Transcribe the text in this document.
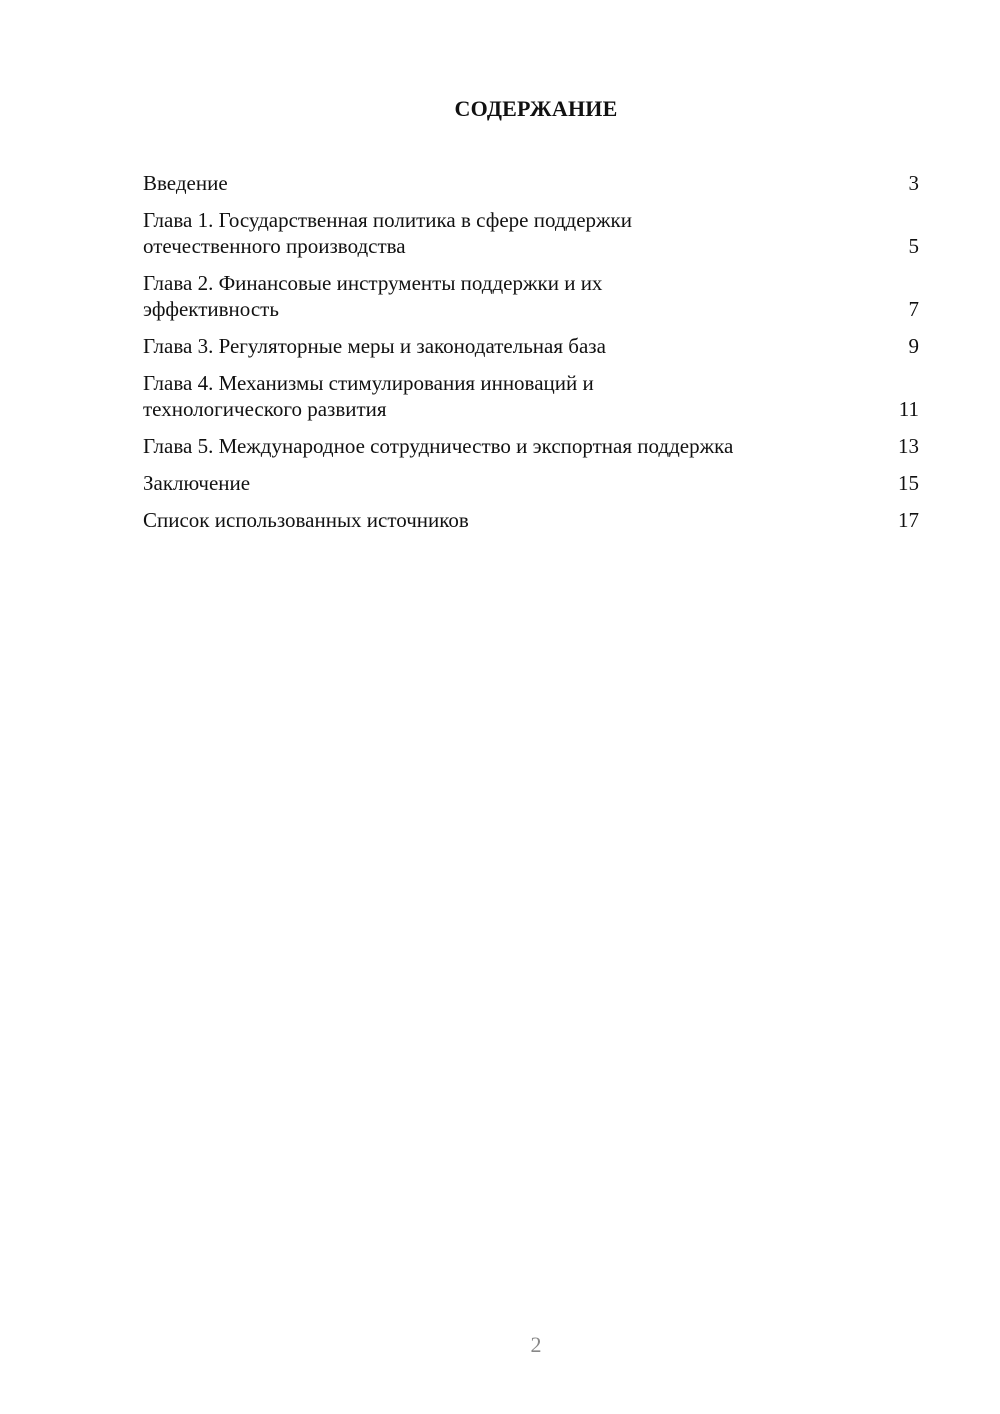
СОДЕРЖАНИЕ
Введение	3
Глава 1. Государственная политика в сфере поддержки отечественного производства	5
Глава 2. Финансовые инструменты поддержки и их эффективность	7
Глава 3. Регуляторные меры и законодательная база	9
Глава 4. Механизмы стимулирования инноваций и технологического развития	11
Глава 5. Международное сотрудничество и экспортная поддержка	13
Заключение	15
Список использованных источников	17
2
